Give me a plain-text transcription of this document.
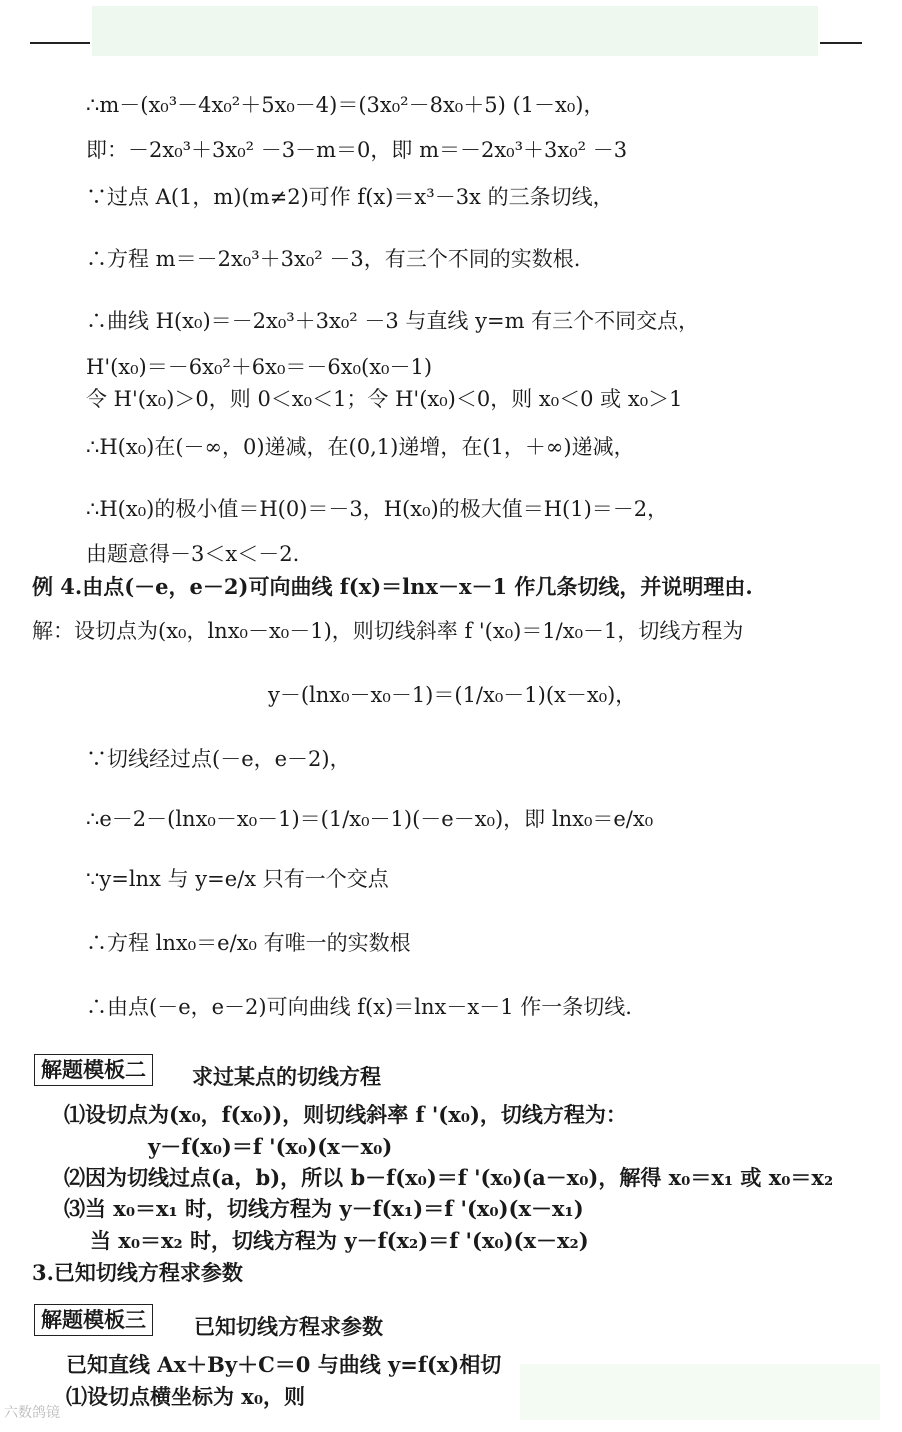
∴m－(x₀³－4x₀²＋5x₀－4)＝(3x₀²－8x₀＋5) (1－x₀)，
即：－2x₀³＋3x₀² －3－m＝0，即 m＝－2x₀³＋3x₀² －3
∵过点 A(1，m)(m≠2)可作 f(x)＝x³－3x 的三条切线，
∴方程 m＝－2x₀³＋3x₀² －3，有三个不同的实数根.
∴曲线 H(x₀)＝－2x₀³＋3x₀² －3 与直线 y=m 有三个不同交点，
H'(x₀)＝－6x₀²＋6x₀＝－6x₀(x₀－1)
令 H'(x₀)＞0，则 0＜x₀＜1；令 H'(x₀)＜0，则 x₀＜0 或 x₀＞1
∴H(x₀)在(－∞，0)递减，在(0,1)递增，在(1，＋∞)递减，
∴H(x₀)的极小值＝H(0)＝－3，H(x₀)的极大值＝H(1)＝－2，
由题意得－3＜x＜－2.
例 4.由点(－e，e－2)可向曲线 f(x)＝lnx－x－1 作几条切线，并说明理由.
解：设切点为(x₀，lnx₀－x₀－1)，则切线斜率 f '(x₀)＝1/x₀－1，切线方程为
y－(lnx₀－x₀－1)＝(1/x₀－1)(x－x₀)，
∵切线经过点(－e，e－2)，
∴e－2－(lnx₀－x₀－1)＝(1/x₀－1)(－e－x₀)，即 lnx₀＝e/x₀
∵y=lnx 与 y=e/x 只有一个交点
∴方程 lnx₀＝e/x₀ 有唯一的实数根
∴由点(－e，e－2)可向曲线 f(x)＝lnx－x－1 作一条切线.
解题模板二	求过某点的切线方程
⑴设切点为(x₀，f(x₀))，则切线斜率 f '(x₀)，切线方程为：
y－f(x₀)＝f '(x₀)(x－x₀)
⑵因为切线过点(a，b)，所以 b－f(x₀)＝f '(x₀)(a－x₀)，解得 x₀＝x₁ 或 x₀＝x₂
⑶当 x₀＝x₁ 时，切线方程为 y－f(x₁)＝f '(x₀)(x－x₁)
当 x₀＝x₂ 时，切线方程为 y－f(x₂)＝f '(x₀)(x－x₂)
3.已知切线方程求参数
解题模板三	已知切线方程求参数
已知直线 Ax＋By＋C＝0 与曲线 y=f(x)相切
⑴设切点横坐标为 x₀，则
六数鸽镜
